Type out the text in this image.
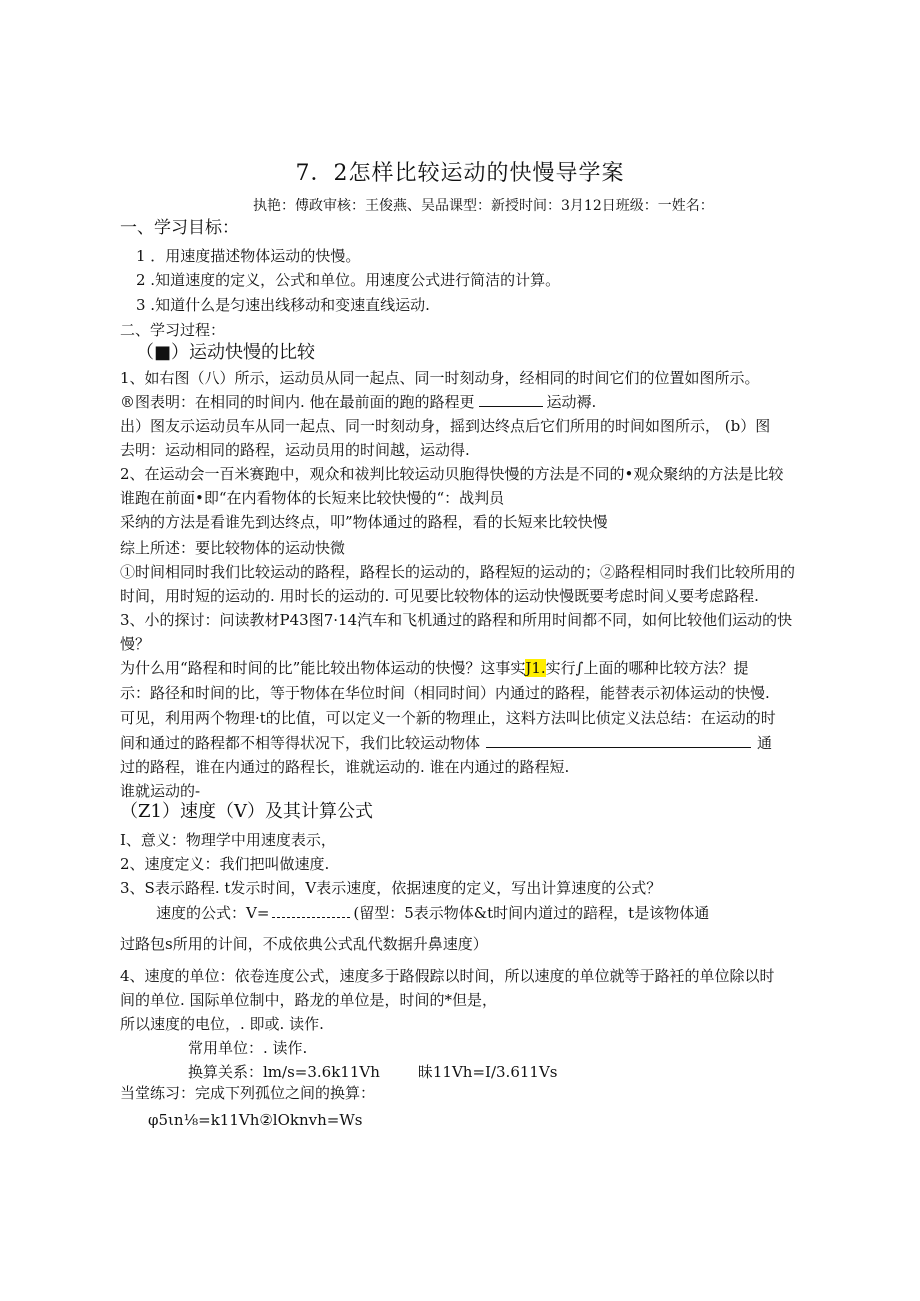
7．2怎样比较运动的快慢导学案
执艳：傅政审核：王俊燕、吴品课型：新授时间：3月12日班级：一姓名：
一、学习目标：
1 ．用速度描述物体运动的快慢。
2 .知道速度的定义，公式和单位。用速度公式进行简洁的计算。
3 .知道什么是匀速出线移动和变速直线运动.
二、学习过程：
（■）运动快慢的比较
1、如右图（八）所示，运动员从同一起点、同一时刻动身，经相同的时间它们的位置如图所示。
®图表明：在相同的时间内. 他在最前面的跑的路程更	运动褥.
出）图友示运动员车从同一起点、同一时刻动身，摇到达终点后它们所用的时间如图所示， (b）图
去明：运动相同的路程，运动员用的时间越，运动得.
2、在运动会一百米赛跑中，观众和祓判比较运动贝胞得快慢的方法是不同的•观众聚纳的方法是比较
谁跑在前面•即“在内看物体的长短来比较快慢的“：战判员
采纳的方法是看谁先到达终点，叩”物体通过的路程，看的长短来比较快慢
综上所述：要比较物体的运动快微
①时间相同时我们比较运动的路程，路程长的运动的，路程短的运动的；②路程相同时我们比较所用的
时间，用时短的运动的. 用时长的运动的. 可见要比较物体的运动快慢既要考虑时间乂要考虑路程.
3、小的探讨：问读教材P43图7·14汽车和飞机通过的路程和所用时间都不同，如何比较他们运动的快
慢？
为什么用“路程和时间的比”能比较出物体运动的快慢？这事实J1.实行∫上面的哪种比较方法？提
示：路径和时间的比，等于物体在华位时间（相同时间）内通过的路程，能替表示初体运动的快慢.
可见，利用两个物理·t的比值，可以定义一个新的物理止，这料方法叫比侦定义法总结：在运动的时
间和通过的路程都不相等得状况下，我们比较运动物体	通
过的路程，谁在内通过的路程长，谁就运动的. 谁在内通过的路程短.
谁就运动的-
（Z1）速度（V）及其计算公式
I、意义：物理学中用速度表示，
2、速度定义：我们把叫做速度.
3、S表示路程. t发示时间，V表示速度，依据速度的定义，写出计算速度的公式？
速度的公式：V=	(留型：5表示物体&t时间内道过的踣程，t是该物体通
过路包s所用的计间，不成依典公式乱代数据升鼻速度）
4、速度的单位：依卷连度公式，速度多于路假踪以时间，所以速度的单位就等于路衽的单位除以时
间的单位. 国际单位制中，路龙的单位是，时间的*但是，
所以速度的电位，. 即或. 读作.
常用单位：. 读作.
换算关系：lm∕s=3.6k11Vh	昧11Vh=I∕3.611Vs
当堂练习：完成下列孤位之间的换算：
φ5ιn⅛=k11Vh②lOknvh=Ws
